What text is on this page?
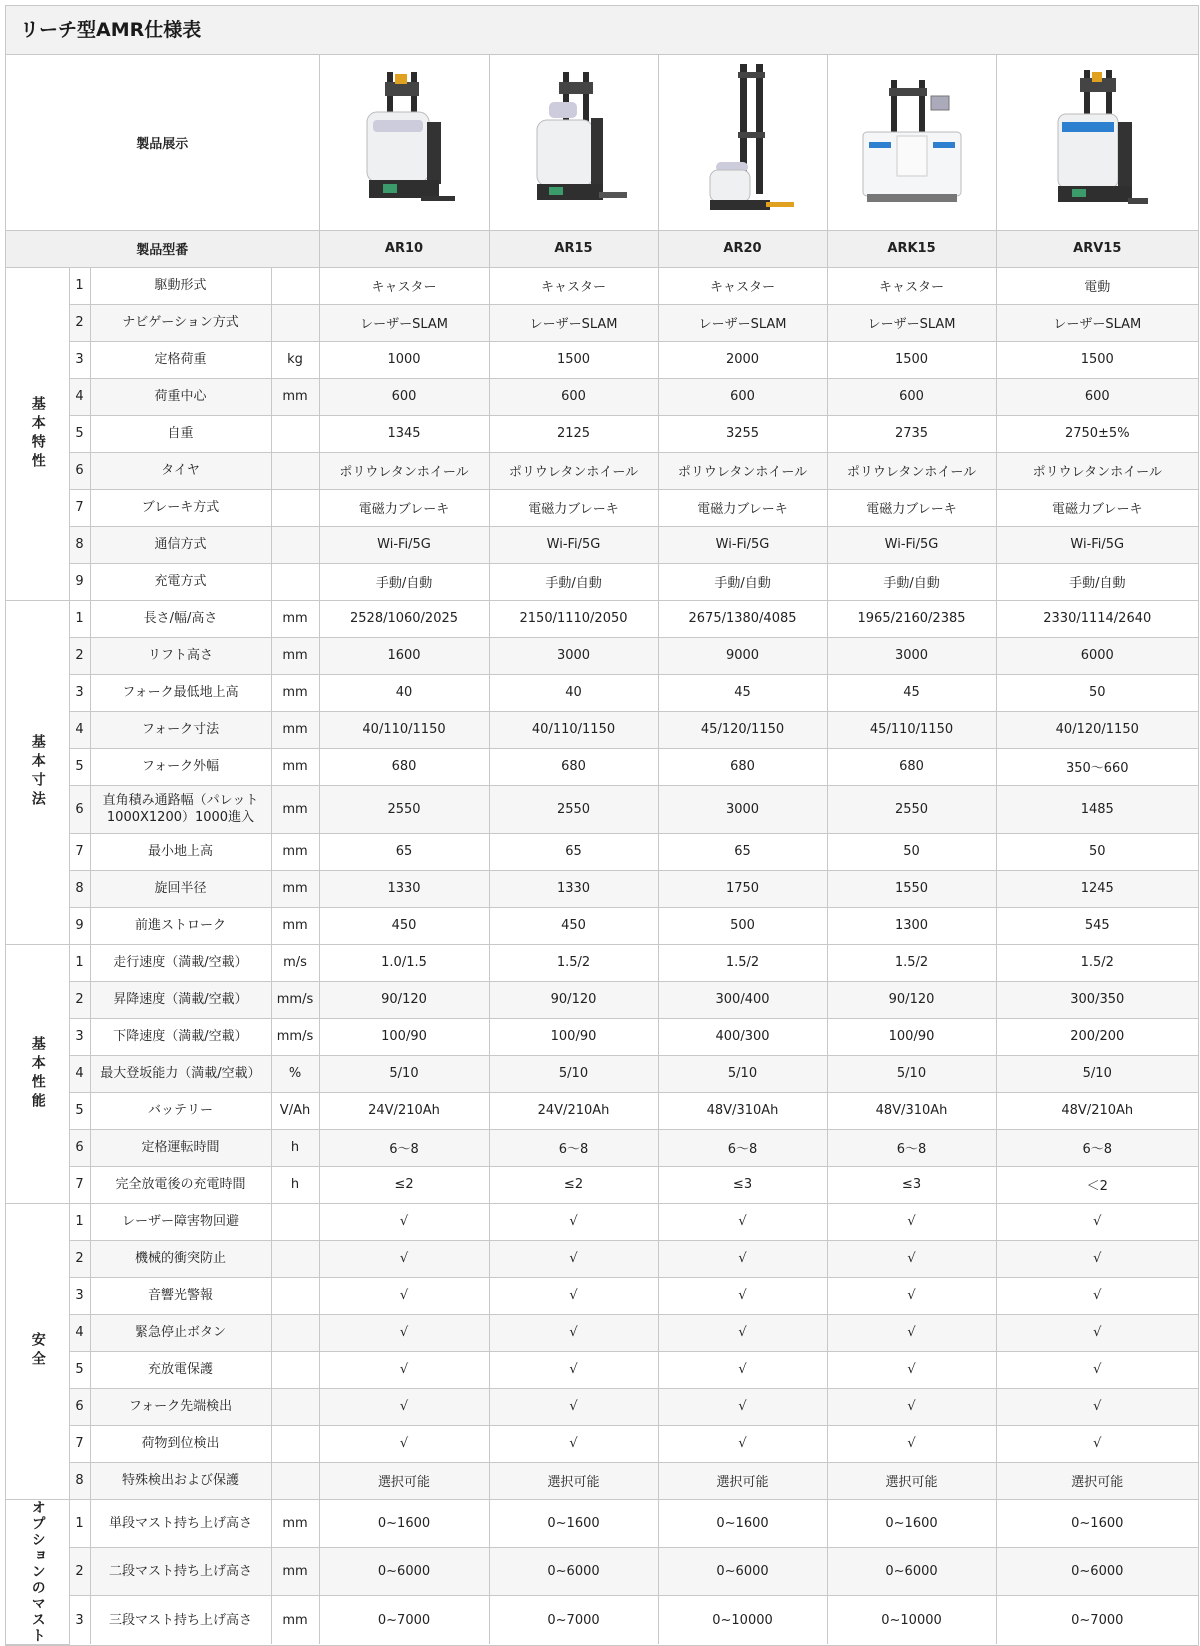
リーチ型AMR仕様表
製品展示	

製品型番				AR10	AR15	AR20	ARK15	ARV15
基本特性	1	駆動形式		キャスター	キャスター	キャスター	キャスター	電動
	2	ナビゲーション方式		レーザーSLAM	レーザーSLAM	レーザーSLAM	レーザーSLAM	レーザーSLAM
	3	定格荷重	kg	1000	1500	2000	1500	1500
	4	荷重中心	mm	600	600	600	600	600
	5	自重		1345	2125	3255	2735	2750±5%
	6	タイヤ		ポリウレタンホイール	ポリウレタンホイール	ポリウレタンホイール	ポリウレタンホイール	ポリウレタンホイール
	7	ブレーキ方式		電磁力ブレーキ	電磁力ブレーキ	電磁力ブレーキ	電磁力ブレーキ	電磁力ブレーキ
	8	通信方式		Wi-Fi/5G	Wi-Fi/5G	Wi-Fi/5G	Wi-Fi/5G	Wi-Fi/5G
	9	充電方式		手動/自動	手動/自動	手動/自動	手動/自動	手動/自動
基本寸法	1	長さ/幅/高さ	mm	2528/1060/2025	2150/1110/2050	2675/1380/4085	1965/2160/2385	2330/1114/2640
	2	リフト高さ	mm	1600	3000	9000	3000	6000
	3	フォーク最低地上高	mm	40	40	45	45	50
	4	フォーク寸法	mm	40/110/1150	40/110/1150	45/120/1150	45/110/1150	40/120/1150
	5	フォーク外幅	mm	680	680	680	680	350～660
	6	直角積み通路幅（パレット1000X1200）1000進入	mm	2550	2550	3000	2550	1485
	7	最小地上高	mm	65	65	65	50	50
	8	旋回半径	mm	1330	1330	1750	1550	1245
	9	前進ストローク	mm	450	450	500	1300	545
基本性能	1	走行速度（満載/空載）	m/s	1.0/1.5	1.5/2	1.5/2	1.5/2	1.5/2
	2	昇降速度（満載/空載）	mm/s	90/120	90/120	300/400	90/120	300/350
	3	下降速度（満載/空載）	mm/s	100/90	100/90	400/300	100/90	200/200
	4	最大登坂能力（満載/空載）	%	5/10	5/10	5/10	5/10	5/10
	5	バッテリー	V/Ah	24V/210Ah	24V/210Ah	48V/310Ah	48V/310Ah	48V/210Ah
	6	定格運転時間	h	6～8	6～8	6～8	6～8	6～8
	7	完全放電後の充電時間	h	≤2	≤2	≤3	≤3	＜2
安全	1	レーザー障害物回避		√	√	√	√	√
	2	機械的衝突防止		√	√	√	√	√
	3	音響光警報		√	√	√	√	√
	4	緊急停止ボタン		√	√	√	√	√
	5	充放電保護		√	√	√	√	√
	6	フォーク先端検出		√	√	√	√	√
	7	荷物到位検出		√	√	√	√	√
	8	特殊検出および保護		選択可能	選択可能	選択可能	選択可能	選択可能
オプションのマスト	1	単段マスト持ち上げ高さ	mm	0~1600	0~1600	0~1600	0~1600	0~1600
	2	二段マスト持ち上げ高さ	mm	0~6000	0~6000	0~6000	0~6000	0~6000
	3	三段マスト持ち上げ高さ	mm	0~7000	0~7000	0~10000	0~10000	0~7000
